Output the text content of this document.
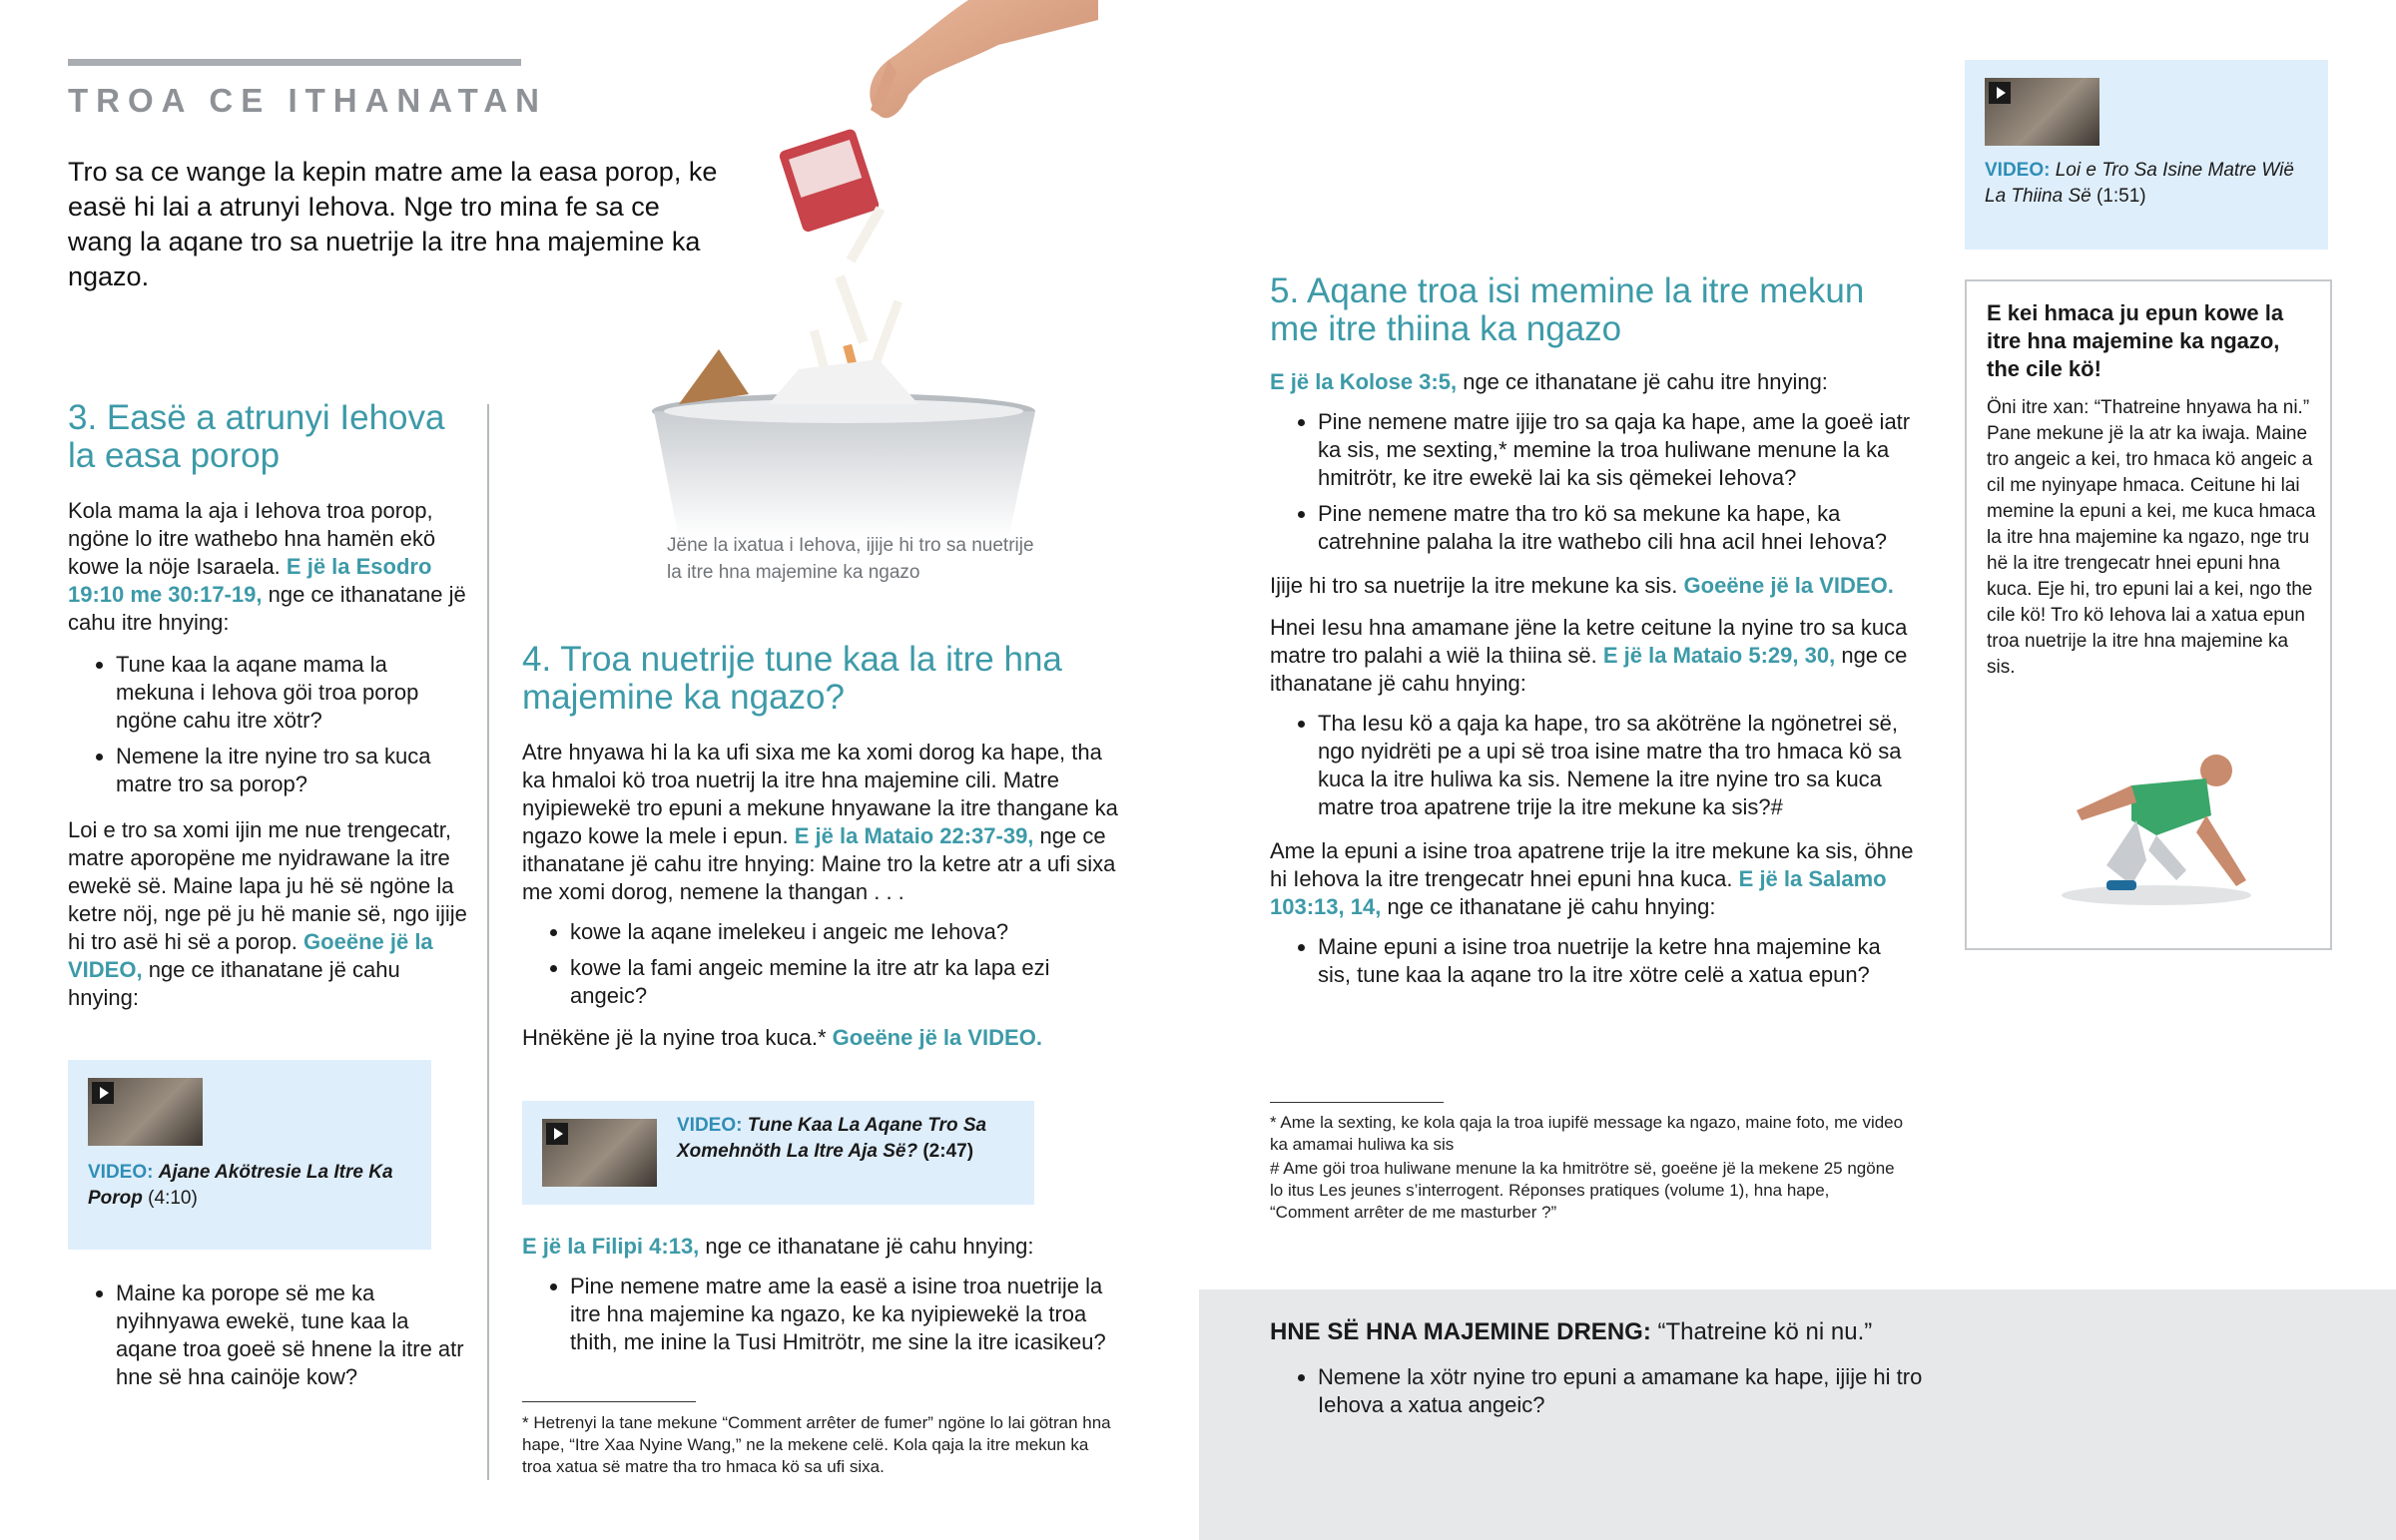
TROA CE ITHANATAN
Tro sa ce wange la kepin matre ame la easa porop, ke easë hi lai a atrunyi Iehova. Nge tro mina fe sa ce wang la aqane tro sa nuetrije la itre hna majemine ka ngazo.
Jëne la ixatua i Iehova, ijije hi tro sa nuetrije la itre hna majemine ka ngazo
3. Easë a atrunyi Iehova la easa porop

Kola mama la aja i Iehova troa porop, ngöne lo itre wathebo hna hamën ekö kowe la nöje Isaraela. E jë la Esodro 19:10 me 30:17-19, nge ce ithanatane jë cahu itre hnying:

• Tune kaa la aqane mama la mekuna i Iehova göi troa porop ngöne cahu itre xötr?
• Nemene la itre nyine tro sa kuca matre tro sa porop?

Loi e tro sa xomi ijin me nue trengecatr, matre aporopëne me nyidrawane la itre ewekë së. Maine lapa ju hë së ngöne la ketre nöj, nge pë ju hë manie së, ngo ijije hi tro asë hi së a porop. Goeëne jë la VIDEO, nge ce ithanatane jë cahu hnying:

VIDEO: Ajane Akötresie La Itre Ka Porop (4:10)
• Maine ka porope së me ka nyihnyawa ewekë, tune kaa la aqane troa goeë së hnene la itre atr hne së hna cainöje kow?
4. Troa nuetrije tune kaa la itre hna majemine ka ngazo?

Atre hnyawa hi la ka ufi sixa me ka xomi dorog ka hape, tha ka hmaloi kö troa nuetrij la itre hna majemine cili. Matre nyipiewekë tro epuni a mekune hnyawane la itre thangane ka ngazo kowe la mele i epun. E jë la Mataio 22:37-39, nge ce ithanatane jë cahu itre hnying: Maine tro la ketre atr a ufi sixa me xomi dorog, nemene la thangan . . .

• kowe la aqane imelekeu i angeic me Iehova?
• kowe la fami angeic memine la itre atr ka lapa ezi angeic?

Hnëkëne jë la nyine troa kuca.* Goeëne jë la VIDEO.

VIDEO: Tune Kaa La Aqane Tro Sa Xomehnöth La Itre Aja Së? (2:47)

E jë la Filipi 4:13, nge ce ithanatane jë cahu hnying:

• Pine nemene matre ame la easë a isine troa nuetrije la itre hna majemine ka ngazo, ke ka nyipiewekë la troa thith, me inine la Tusi Hmitrötr, me sine la itre icasikeu?
* Hetrenyi la tane mekune “Comment arrêter de fumer” ngöne lo lai götran hna hape, “Itre Xaa Nyine Wang,” ne la mekene celë. Kola qaja la itre mekun ka troa xatua së matre tha tro hmaca kö sa ufi sixa.
5. Aqane troa isi memine la itre mekun me itre thiina ka ngazo

E jë la Kolose 3:5, nge ce ithanatane jë cahu itre hnying:

• Pine nemene matre ijije tro sa qaja ka hape, ame la goeë iatr ka sis, me sexting,* memine la troa huliwane menune la ka hmitrötr, ke itre ewekë lai ka sis qëmekei Iehova?
• Pine nemene matre tha tro kö sa mekune ka hape, ka catrehnine palaha la itre wathebo cili hna acil hnei Iehova?

Ijije hi tro sa nuetrije la itre mekune ka sis. Goeëne jë la VIDEO.

Hnei Iesu hna amamane jëne la ketre ceitune la nyine tro sa kuca matre tro palahi a wië la thiina së. E jë la Mataio 5:29, 30, nge ce ithanatane jë cahu hnying:

• Tha Iesu kö a qaja ka hape, tro sa akötrëne la ngönetrei së, ngo nyidrëti pe a upi së troa isine matre tha tro hmaca kö sa kuca la itre huliwa ka sis. Nemene la itre nyine tro sa kuca matre troa apatrene trije la itre mekune ka sis?#

Ame la epuni a isine troa apatrene trije la itre mekune ka sis, öhne hi Iehova la itre trengecatr hnei epuni hna kuca. E jë la Salamo 103:13, 14, nge ce ithanatane jë cahu hnying:

• Maine epuni a isine troa nuetrije la ketre hna majemine ka sis, tune kaa la aqane tro la itre xötre celë a xatua epun?
* Ame la sexting, ke kola qaja la troa iupifë message ka ngazo, maine foto, me video ka amamai huliwa ka sis
# Ame göi troa huliwane menune la ka hmitrötre së, goeëne jë la mekene 25 ngöne lo itus Les jeunes s’interrogent. Réponses pratiques (volume 1), hna hape, “Comment arrêter de me masturber ?”
VIDEO: Loi e Tro Sa Isine Matre Wië La Thiina Së (1:51)
E kei hmaca ju epun kowe la itre hna majemine ka ngazo, the cile kö!
Öni itre xan: “Thatreine hnyawa ha ni.” Pane mekune jë la atr ka iwaja. Maine tro angeic a kei, tro hmaca kö angeic a cil me nyinyape hmaca. Ceitune hi lai memine la epuni a kei, me kuca hmaca la itre hna majemine ka ngazo, nge tru hë la itre trengecatr hnei epuni hna kuca. Eje hi, tro epuni lai a kei, ngo the cile kö! Tro kö Iehova lai a xatua epun troa nuetrije la itre hna majemine ka sis.
HNE SË HNA MAJEMINE DRENG: “Thatreine kö ni nu.”
• Nemene la xötr nyine tro epuni a amamane ka hape, ijije hi tro Iehova a xatua angeic?
